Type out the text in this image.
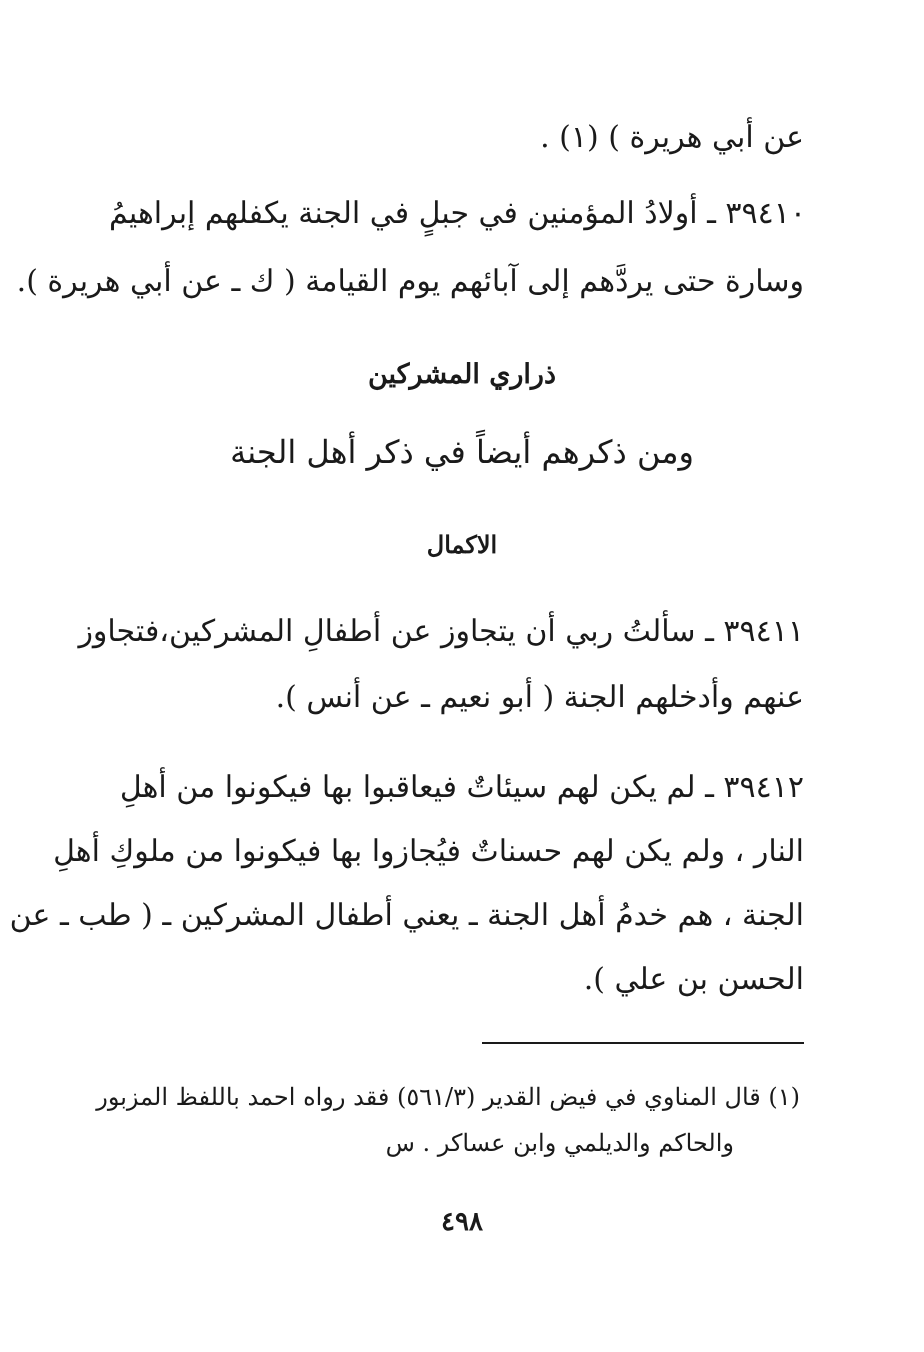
عن أبي هريرة ) (١) .
٣٩٤١٠ ـ أولادُ المؤمنين في جبلٍ في الجنة يكفلهم إبراهيمُ
وسارة حتى يردَّهم إلى آبائهم يوم القيامة ( ك ـ عن أبي هريرة ).
ذراري المشركين
ومن ذكرهم أيضاً في ذكر أهل الجنة
الاكمال
٣٩٤١١ ـ سألتُ ربي أن يتجاوز عن أطفالِ المشركين،فتجاوز
عنهم وأدخلهم الجنة ( أبو نعيم ـ عن أنس ).
٣٩٤١٢ ـ لم يكن لهم سيئاتٌ فيعاقبوا بها فيكونوا من أهلِ
النار ، ولم يكن لهم حسناتٌ فيُجازوا بها فيكونوا من ملوكِ أهلِ
الجنة ، هم خدمُ أهل الجنة ـ يعني أطفال المشركين ـ ( طب ـ عن
الحسن بن علي ).
(١) قال المناوي في فيض القدير (٥٦١/٣) فقد رواه احمد باللفظ المزبور
والحاكم والديلمي وابن عساكر . س
٤٩٨
